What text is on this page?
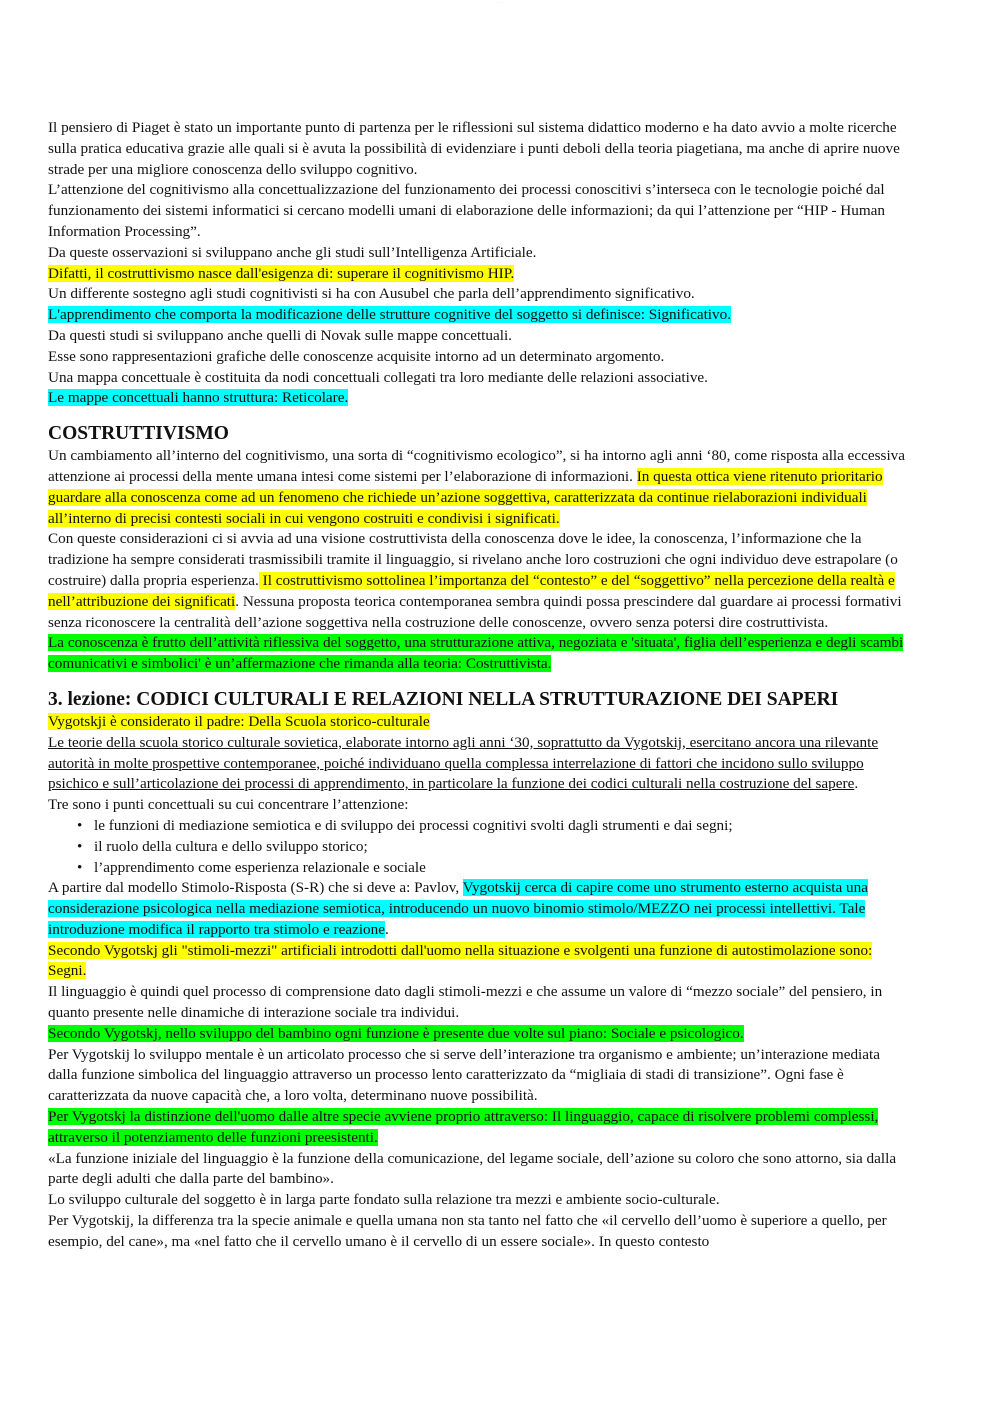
· · · · ·

Il pensiero di Piaget è stato un importante punto di partenza per le riflessioni sul sistema didattico moderno e ha dato avvio a molte ricerche sulla pratica educativa grazie alle quali si è avuta la possibilità di evidenziare i punti deboli della teoria piagetiana, ma anche di aprire nuove strade per una migliore conoscenza dello sviluppo cognitivo.

L’attenzione del cognitivismo alla concettualizzazione del funzionamento dei processi conoscitivi s’interseca con le tecnologie poiché dal funzionamento dei sistemi informatici si cercano modelli umani di elaborazione delle informazioni; da qui l’attenzione per “HIP - Human Information Processing”.

Da queste osservazioni si sviluppano anche gli studi sull’Intelligenza Artificiale.

Difatti, il costruttivismo nasce dall'esigenza di: superare il cognitivismo HIP.

Un differente sostegno agli studi cognitivisti si ha con Ausubel che parla dell’apprendimento significativo.

L'apprendimento che comporta la modificazione delle strutture cognitive del soggetto si definisce: Significativo.

Da questi studi si sviluppano anche quelli di Novak sulle mappe concettuali.

Esse sono rappresentazioni grafiche delle conoscenze acquisite intorno ad un determinato argomento.

Una mappa concettuale è costituita da nodi concettuali collegati tra loro mediante delle relazioni associative.

Le mappe concettuali hanno struttura: Reticolare.

COSTRUTTIVISMO

Un cambiamento all’interno del cognitivismo, una sorta di “cognitivismo ecologico”, si ha intorno agli anni ‘80, come risposta alla eccessiva attenzione ai processi della mente umana intesi come sistemi per l’elaborazione di informazioni. In questa ottica viene ritenuto prioritario guardare alla conoscenza come ad un fenomeno che richiede un’azione soggettiva, caratterizzata da continue rielaborazioni individuali all’interno di precisi contesti sociali in cui vengono costruiti e condivisi i significati.

Con queste considerazioni ci si avvia ad una visione costruttivista della conoscenza dove le idee, la conoscenza, l’informazione che la tradizione ha sempre considerati trasmissibili tramite il linguaggio, si rivelano anche loro costruzioni che ogni individuo deve estrapolare (o costruire) dalla propria esperienza. Il costruttivismo sottolinea l’importanza del “contesto” e del “soggettivo” nella percezione della realtà e nell’attribuzione dei significati. Nessuna proposta teorica contemporanea sembra quindi possa prescindere dal guardare ai processi formativi senza riconoscere la centralità dell’azione soggettiva nella costruzione delle conoscenze, ovvero senza potersi dire costruttivista.

La conoscenza è frutto dell’attività riflessiva del soggetto, una strutturazione attiva, negoziata e 'situata', figlia dell’esperienza e degli scambi comunicativi e simbolici' è un’affermazione che rimanda alla teoria: Costruttivista.

3. lezione: CODICI CULTURALI E RELAZIONI NELLA STRUTTURAZIONE DEI SAPERI

Vygotskji è considerato il padre: Della Scuola storico-culturale

Le teorie della scuola storico culturale sovietica, elaborate intorno agli anni ‘30, soprattutto da Vygotskij, esercitano ancora una rilevante autorità in molte prospettive contemporanee, poiché individuano quella complessa interrelazione di fattori che incidono sullo sviluppo psichico e sull’articolazione dei processi di apprendimento, in particolare la funzione dei codici culturali nella costruzione del sapere.

Tre sono i punti concettuali su cui concentrare l’attenzione:

• le funzioni di mediazione semiotica e di sviluppo dei processi cognitivi svolti dagli strumenti e dai segni;
• il ruolo della cultura e dello sviluppo storico;
• l’apprendimento come esperienza relazionale e sociale

A partire dal modello Stimolo-Risposta (S-R) che si deve a: Pavlov, Vygotskij cerca di capire come uno strumento esterno acquista una considerazione psicologica nella mediazione semiotica, introducendo un nuovo binomio stimolo/MEZZO nei processi intellettivi. Tale introduzione modifica il rapporto tra stimolo e reazione.

Secondo Vygotskj gli "stimoli-mezzi" artificiali introdotti dall'uomo nella situazione e svolgenti una funzione di autostimolazione sono: Segni.

Il linguaggio è quindi quel processo di comprensione dato dagli stimoli-mezzi e che assume un valore di “mezzo sociale” del pensiero, in quanto presente nelle dinamiche di interazione sociale tra individui.

Secondo Vygotskj, nello sviluppo del bambino ogni funzione è presente due volte sul piano: Sociale e psicologico.

Per Vygotskij lo sviluppo mentale è un articolato processo che si serve dell’interazione tra organismo e ambiente; un’interazione mediata dalla funzione simbolica del linguaggio attraverso un processo lento caratterizzato da “migliaia di stadi di transizione”. Ogni fase è caratterizzata da nuove capacità che, a loro volta, determinano nuove possibilità.

Per Vygotskj la distinzione dell'uomo dalle altre specie avviene proprio attraverso: Il linguaggio, capace di risolvere problemi complessi, attraverso il potenziamento delle funzioni preesistenti.

«La funzione iniziale del linguaggio è la funzione della comunicazione, del legame sociale, dell’azione su coloro che sono attorno, sia dalla parte degli adulti che dalla parte del bambino».

Lo sviluppo culturale del soggetto è in larga parte fondato sulla relazione tra mezzi e ambiente socio-culturale.

Per Vygotskij, la differenza tra la specie animale e quella umana non sta tanto nel fatto che «il cervello dell’uomo è superiore a quello, per esempio, del cane», ma «nel fatto che il cervello umano è il cervello di un essere sociale». In questo contesto
